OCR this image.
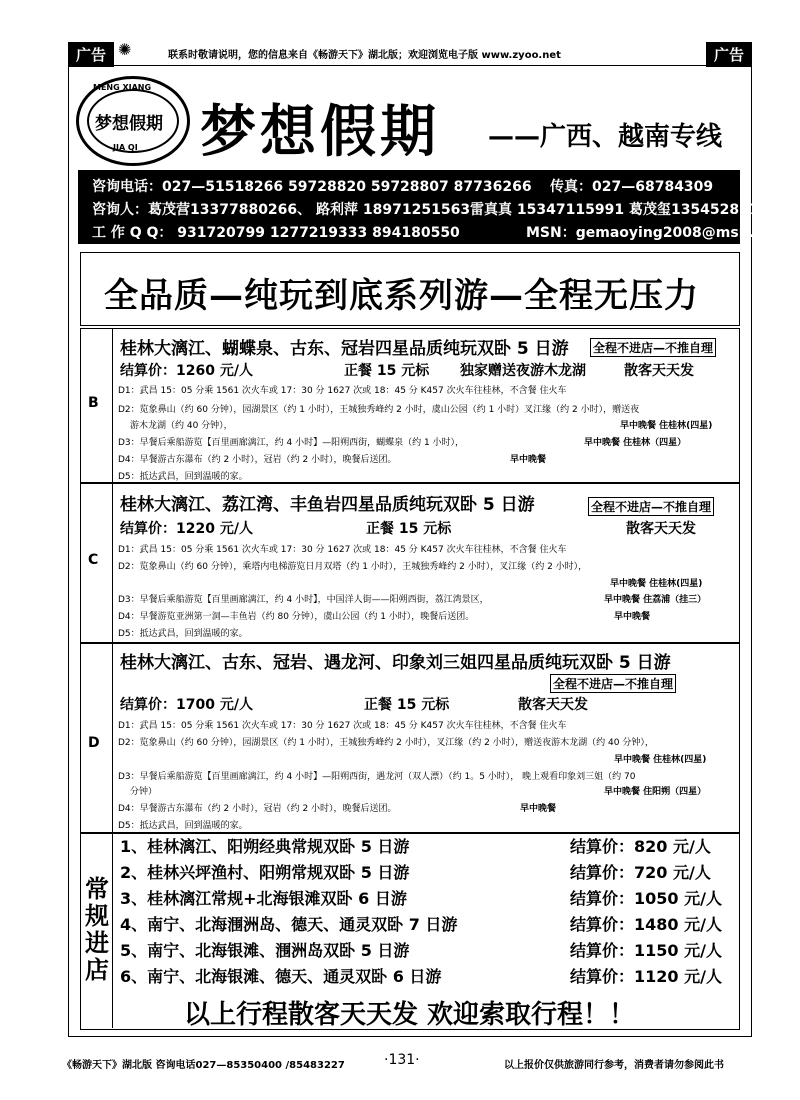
广告 ✺	联系时敬请说明，您的信息来自《畅游天下》湖北版；欢迎浏览电子版 www.zyoo.net	广告
MENG XIANG
梦想假期
JIA QI 梦想假期 ——广西、越南专线
咨询电话：027—51518266 59728820 59728807 87736266 传真：027—68784309
咨询人：葛茂营13377880266、 路利萍 18971251563雷真真 15347115991 葛茂玺13545282777
工 作 Q Q： 931720799 1277219333 894180550	MSN：gemaoying2008@msn.com
全品质—纯玩到底系列游—全程无压力
B
桂林大漓江、蝴蝶泉、古东、冠岩四星品质纯玩双卧 5 日游 全程不进店—不推自理
结算价：1260 元/人	正餐 15 元标 独家赠送夜游木龙湖	散客天天发
D1：武昌 15：05 分乘 1561 次火车或 17：30 分 1627 次或 18：45 分 K457 次火车往桂林，不含餐 住火车
D2：览象鼻山（约 60 分钟），园湖景区（约 1 小时），王城独秀峰约 2 小时，虞山公园（约 1 小时）叉江缘（约 2 小时），赠送夜
游木龙湖（约 40 分钟），	早中晚餐 住桂林(四星)
D3：早餐后乘船游览【百里画廊漓江，约 4 小时】—阳朔西街，蝴蝶泉（约 1 小时），	早中晚餐 住桂林（四星）
D4：早餐游古东瀑布（约 2 小时），冠岩（约 2 小时），晚餐后送团。	早中晚餐
D5：抵达武昌，回到温暖的家。
C
桂林大漓江、荔江湾、丰鱼岩四星品质纯玩双卧 5 日游	全程不进店—不推自理
结算价：1220 元/人	正餐 15 元标	散客天天发
D1：武昌 15：05 分乘 1561 次火车或 17：30 分 1627 次或 18：45 分 K457 次火车往桂林，不含餐 住火车
D2：览象鼻山（约 60 分钟），乘塔内电梯游览日月双塔（约 1 小时），王城独秀峰约 2 小时），叉江缘（约 2 小时），
早中晚餐 住桂林(四星)
D3：早餐后乘船游览【百里画廊漓江，约 4 小时】，中国洋人街——阳朔西街，荔江湾景区，	早中晚餐 住荔浦（挂三）
D4：早餐游览亚洲第一洞—丰鱼岩（约 80 分钟），虞山公园（约 1 小时），晚餐后送团。	早中晚餐
D5：抵达武昌，回到温暖的家。
D
桂林大漓江、古东、冠岩、遇龙河、印象刘三姐四星品质纯玩双卧 5 日游
全程不进店—不推自理
结算价：1700 元/人	正餐 15 元标	散客天天发
D1：武昌 15：05 分乘 1561 次火车或 17：30 分 1627 次或 18：45 分 K457 次火车往桂林，不含餐 住火车
D2：览象鼻山（约 60 分钟），园湖景区（约 1 小时），王城独秀峰约 2 小时），叉江缘（约 2 小时），赠送夜游木龙湖（约 40 分钟），
早中晚餐 住桂林(四星)
D3：早餐后乘船游览【百里画廊漓江，约 4 小时】—阳朔西街，遇龙河（双人漂）（约 1。5 小时）， 晚上观看印象刘三姐（约 70
分钟）	早中晚餐 住阳朔（四星）
D4：早餐游古东瀑布（约 2 小时），冠岩（约 2 小时），晚餐后送团。	早中晚餐
D5：抵达武昌，回到温暖的家。
常
规
进
店
1、桂林漓江、阳朔经典常规双卧 5 日游	结算价：820 元/人
2、桂林兴坪渔村、阳朔常规双卧 5 日游	结算价：720 元/人
3、桂林漓江常规+北海银滩双卧 6 日游	结算价：1050 元/人
4、南宁、北海涠洲岛、德天、通灵双卧 7 日游	结算价：1480 元/人
5、南宁、北海银滩、涠洲岛双卧 5 日游	结算价：1150 元/人
6、南宁、北海银滩、德天、通灵双卧 6 日游	结算价：1120 元/人
以上行程散客天天发 欢迎索取行程！！
《畅游天下》湖北版 咨询电话027—85350400 /85483227	·131·	以上报价仅供旅游同行参考，消费者请勿参阅此书
